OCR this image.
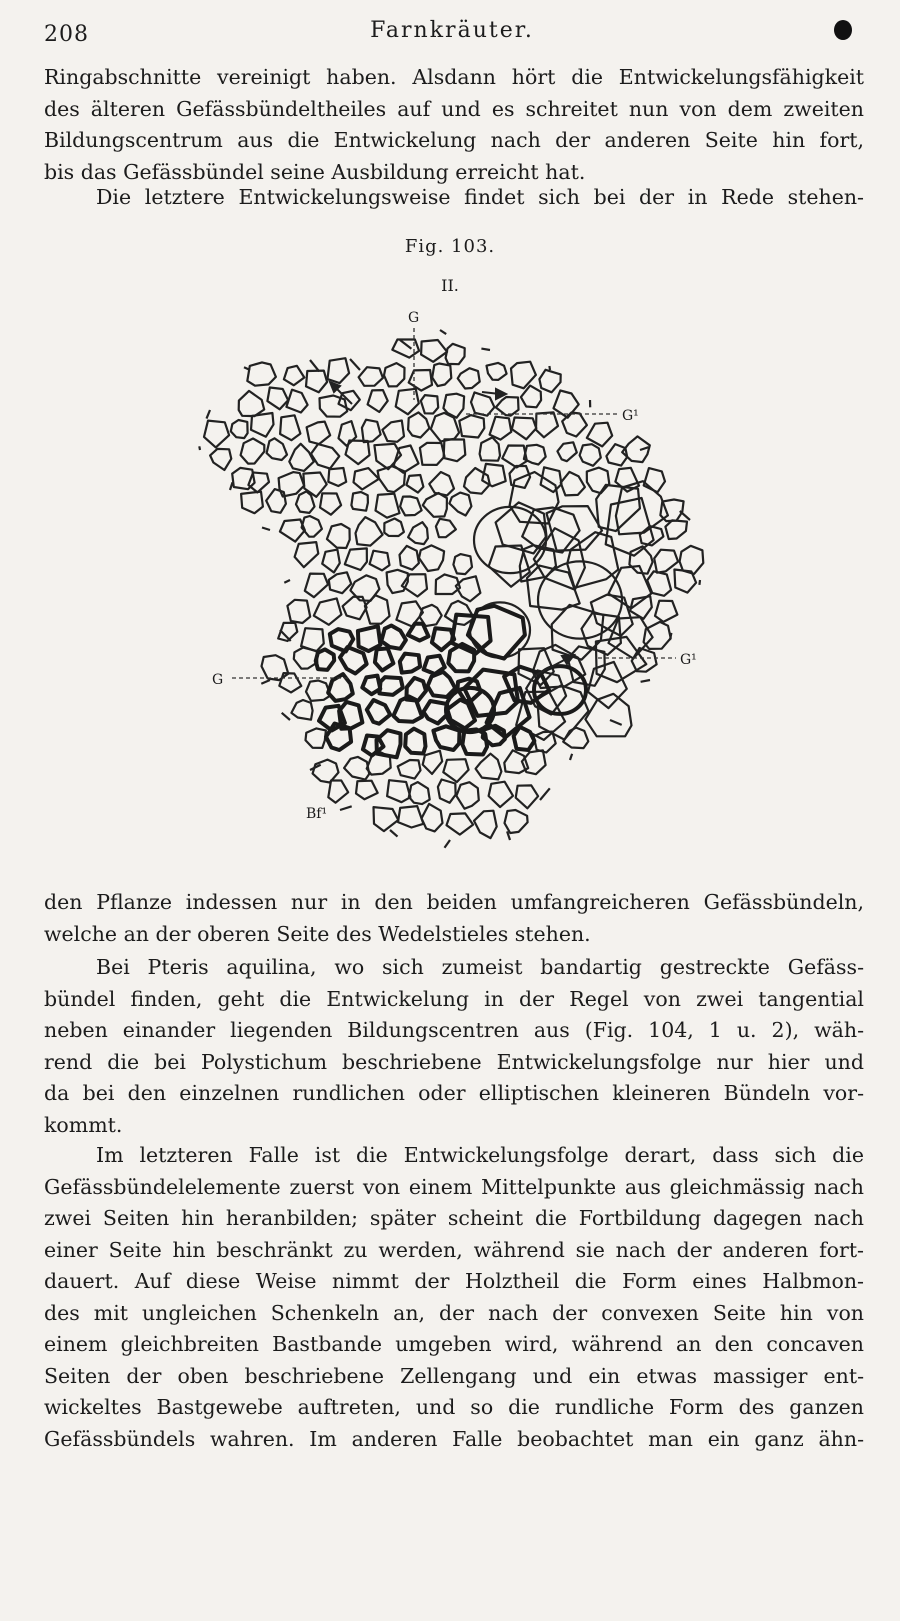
208	Farnkräuter.

Ringabschnitte vereinigt haben. Alsdann hört die Entwickelungsfähigkeit
des älteren Gefässbündeltheiles auf und es schreitet nun von dem zweiten
Bildungscentrum aus die Entwickelung nach der anderen Seite hin fort,
bis das Gefässbündel seine Ausbildung erreicht hat.

Die letztere Entwickelungsweise findet sich bei der in Rede stehen-

Fig. 103.
II.
G
G¹
G
G¹
Bf¹

den Pflanze indessen nur in den beiden umfangreicheren Gefässbündeln,
welche an der oberen Seite des Wedelstieles stehen.

Bei Pteris aquilina, wo sich zumeist bandartig gestreckte Gefäss-
bündel finden, geht die Entwickelung in der Regel von zwei tangential
neben einander liegenden Bildungscentren aus (Fig. 104, 1 u. 2), wäh-
rend die bei Polystichum beschriebene Entwickelungsfolge nur hier und
da bei den einzelnen rundlichen oder elliptischen kleineren Bündeln vor-
kommt.

Im letzteren Falle ist die Entwickelungsfolge derart, dass sich die
Gefässbündelelemente zuerst von einem Mittelpunkte aus gleichmässig nach
zwei Seiten hin heranbilden; später scheint die Fortbildung dagegen nach
einer Seite hin beschränkt zu werden, während sie nach der anderen fort-
dauert. Auf diese Weise nimmt der Holztheil die Form eines Halbmon-
des mit ungleichen Schenkeln an, der nach der convexen Seite hin von
einem gleichbreiten Bastbande umgeben wird, während an den concaven
Seiten der oben beschriebene Zellengang und ein etwas massiger ent-
wickeltes Bastgewebe auftreten, und so die rundliche Form des ganzen
Gefässbündels wahren. Im anderen Falle beobachtet man ein ganz ähn-
